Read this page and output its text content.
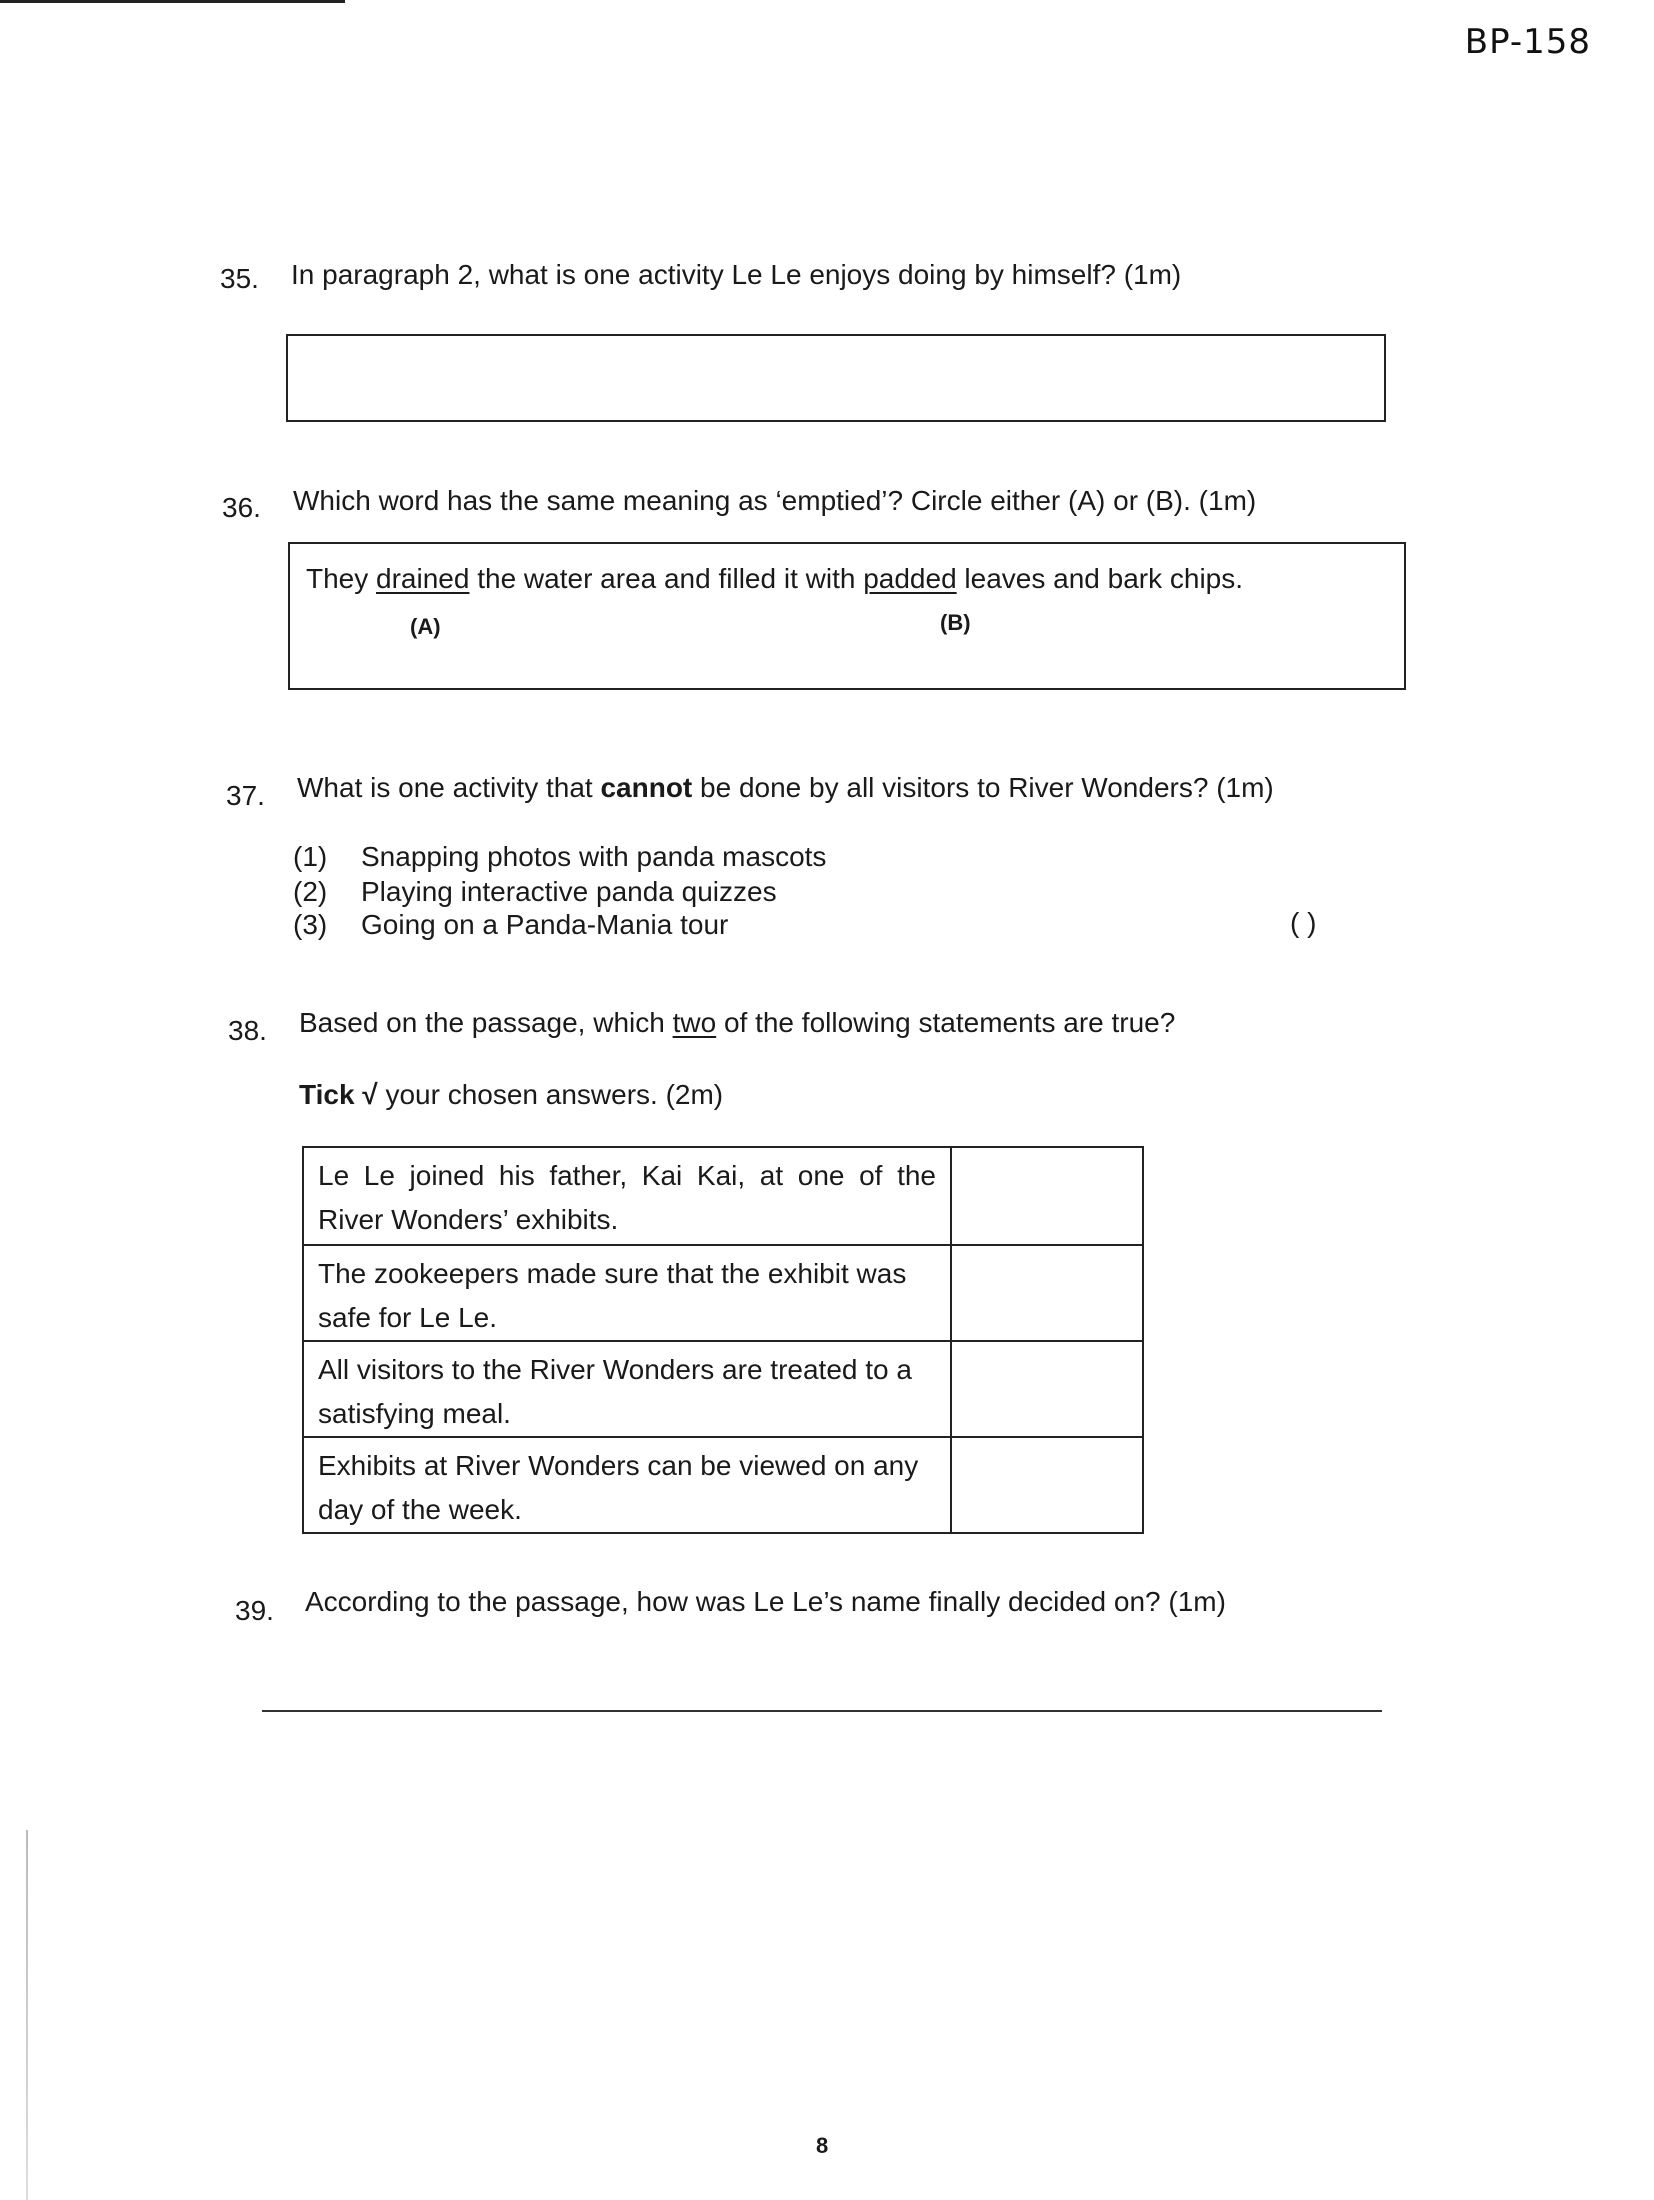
BP-158
35. In paragraph 2, what is one activity Le Le enjoys doing by himself? (1m)
36. Which word has the same meaning as ‘emptied’? Circle either (A) or (B). (1m)
They drained the water area and filled it with padded leaves and bark chips.
(A)	(B)
37. What is one activity that cannot be done by all visitors to River Wonders? (1m)
(1) Snapping photos with panda mascots
(2) Playing interactive panda quizzes
(3) Going on a Panda-Mania tour	( )
38. Based on the passage, which two of the following statements are true?
Tick √ your chosen answers. (2m)
Le Le joined his father, Kai Kai, at one of the River Wonders’ exhibits.	
The zookeepers made sure that the exhibit was safe for Le Le.	
All visitors to the River Wonders are treated to a satisfying meal.	
Exhibits at River Wonders can be viewed on any day of the week.	
39. According to the passage, how was Le Le’s name finally decided on? (1m)
8
